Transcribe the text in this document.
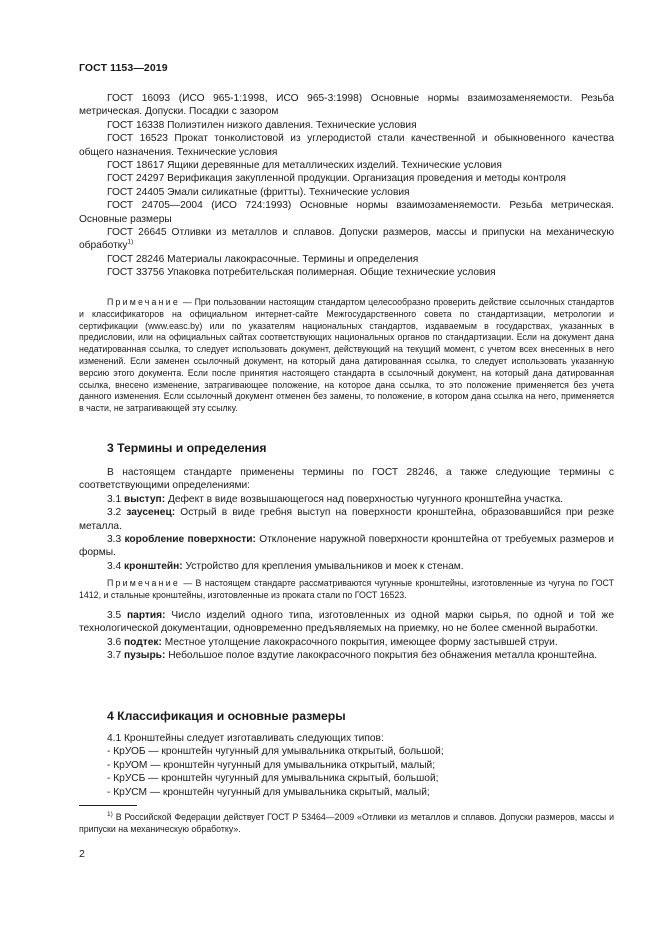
ГОСТ 1153—2019

ГОСТ 16093 (ИСО 965-1:1998, ИСО 965-3:1998) Основные нормы взаимозаменяемости. Резьба метрическая. Допуски. Посадки с зазором

ГОСТ 16338 Полиэтилен низкого давления. Технические условия

ГОСТ 16523 Прокат тонколистовой из углеродистой стали качественной и обыкновенного качества общего назначения. Технические условия

ГОСТ 18617 Ящики деревянные для металлических изделий. Технические условия

ГОСТ 24297 Верификация закупленной продукции. Организация проведения и методы контроля

ГОСТ 24405 Эмали силикатные (фритты). Технические условия

ГОСТ 24705—2004 (ИСО 724:1993) Основные нормы взаимозаменяемости. Резьба метрическая. Основные размеры

ГОСТ 26645 Отливки из металлов и сплавов. Допуски размеров, массы и припуски на механическую обработку$^{1)}$

ГОСТ 28246 Материалы лакокрасочные. Термины и определения

ГОСТ 33756 Упаковка потребительская полимерная. Общие технические условия

Примечание — При пользовании настоящим стандартом целесообразно проверить действие ссылочных стандартов и классификаторов на официальном интернет-сайте Межгосударственного совета по стандартизации, метрологии и сертификации (www.easc.by) или по указателям национальных стандартов, издаваемым в государствах, указанных в предисловии, или на официальных сайтах соответствующих национальных органов по стандартизации. Если на документ дана недатированная ссылка, то следует использовать документ, действующий на текущий момент, с учетом всех внесенных в него изменений. Если заменен ссылочный документ, на который дана датированная ссылка, то следует использовать указанную версию этого документа. Если после принятия настоящего стандарта в ссылочный документ, на который дана датированная ссылка, внесено изменение, затрагивающее положение, на которое дана ссылка, то это положение применяется без учета данного изменения. Если ссылочный документ отменен без замены, то положение, в котором дана ссылка на него, применяется в части, не затрагивающей эту ссылку.

3 Термины и определения

В настоящем стандарте применены термины по ГОСТ 28246, а также следующие термины с соответствующими определениями:

3.1 выступ: Дефект в виде возвышающегося над поверхностью чугунного кронштейна участка.

3.2 заусенец: Острый в виде гребня выступ на поверхности кронштейна, образовавшийся при резке металла.

3.3 коробление поверхности: Отклонение наружной поверхности кронштейна от требуемых размеров и формы.

3.4 кронштейн: Устройство для крепления умывальников и моек к стенам.

Примечание — В настоящем стандарте рассматриваются чугунные кронштейны, изготовленные из чугуна по ГОСТ 1412, и стальные кронштейны, изготовленные из проката стали по ГОСТ 16523.

3.5 партия: Число изделий одного типа, изготовленных из одной марки сырья, по одной и той же технологической документации, одновременно предъявляемых на приемку, но не более сменной выработки.

3.6 подтек: Местное утолщение лакокрасочного покрытия, имеющее форму застывшей струи.

3.7 пузырь: Небольшое полое вздутие лакокрасочного покрытия без обнажения металла кронштейна.

4 Классификация и основные размеры

4.1 Кронштейны следует изготавливать следующих типов:

- КрУОБ — кронштейн чугунный для умывальника открытый, большой;

- КрУОМ — кронштейн чугунный для умывальника открытый, малый;

- КрУСБ — кронштейн чугунный для умывальника скрытый, большой;

- КрУСМ — кронштейн чугунный для умывальника скрытый, малый;

$^{1)}$ В Российской Федерации действует ГОСТ Р 53464—2009 «Отливки из металлов и сплавов. Допуски размеров, массы и припуски на механическую обработку».

2
